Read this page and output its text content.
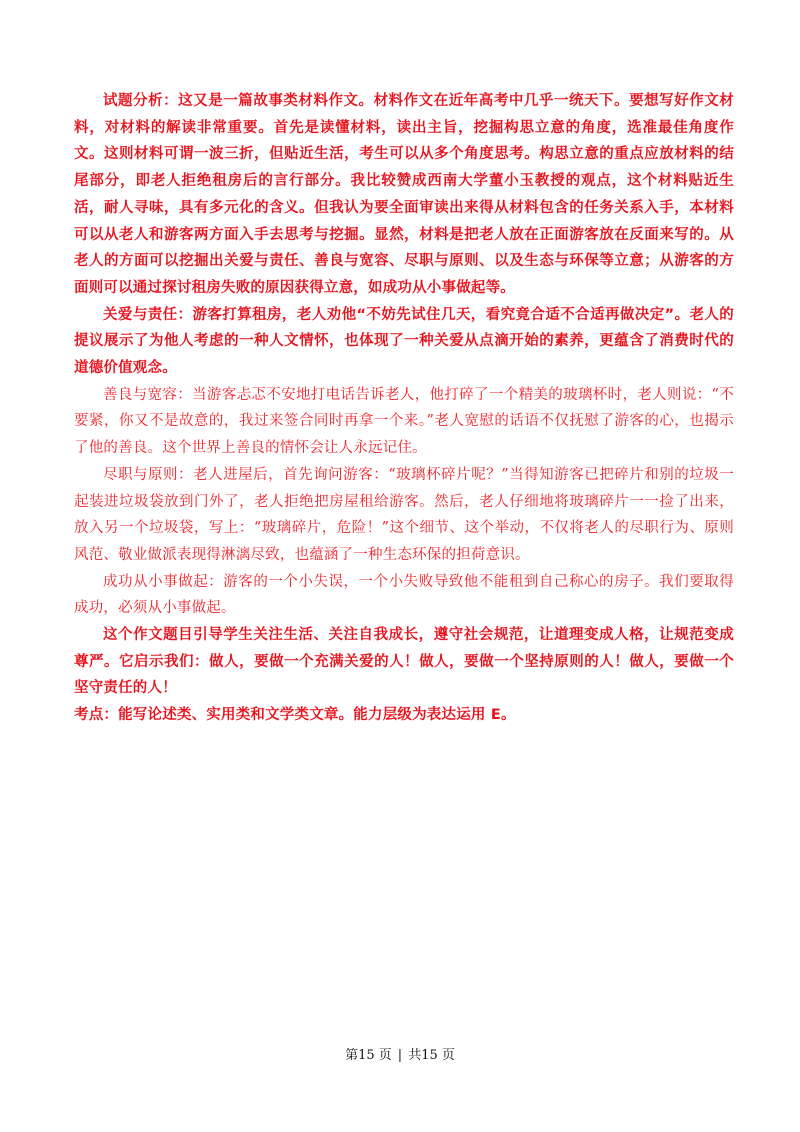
试题分析：这又是一篇故事类材料作文。材料作文在近年高考中几乎一统天下。要想写好作文材料，对材料的解读非常重要。首先是读懂材料，读出主旨，挖掘构思立意的角度，选准最佳角度作文。这则材料可谓一波三折，但贴近生活，考生可以从多个角度思考。构思立意的重点应放材料的结尾部分，即老人拒绝租房后的言行部分。我比较赞成西南大学董小玉教授的观点，这个材料贴近生活，耐人寻味，具有多元化的含义。但我认为要全面审读出来得从材料包含的任务关系入手，本材料可以从老人和游客两方面入手去思考与挖掘。显然，材料是把老人放在正面游客放在反面来写的。从老人的方面可以挖掘出关爱与责任、善良与宽容、尽职与原则、以及生态与环保等立意；从游客的方面则可以通过探讨租房失败的原因获得立意，如成功从小事做起等。

关爱与责任：游客打算租房，老人劝他“不妨先试住几天，看究竟合适不合适再做决定”。老人的提议展示了为他人考虑的一种人文情怀，也体现了一种关爱从点滴开始的素养，更蕴含了消费时代的道德价值观念。

善良与宽容：当游客忐忑不安地打电话告诉老人，他打碎了一个精美的玻璃杯时，老人则说：“不要紧，你又不是故意的，我过来签合同时再拿一个来。”老人宽慰的话语不仅抚慰了游客的心，也揭示了他的善良。这个世界上善良的情怀会让人永远记住。

尽职与原则：老人进屋后，首先询问游客：“玻璃杯碎片呢？”当得知游客已把碎片和别的垃圾一起装进垃圾袋放到门外了，老人拒绝把房屋租给游客。然后，老人仔细地将玻璃碎片一一捡了出来，放入另一个垃圾袋，写上：“玻璃碎片，危险！”这个细节、这个举动，不仅将老人的尽职行为、原则风范、敬业做派表现得淋漓尽致，也蕴涵了一种生态环保的担荷意识。

成功从小事做起：游客的一个小失误，一个小失败导致他不能租到自己称心的房子。我们要取得成功，必须从小事做起。

这个作文题目引导学生关注生活、关注自我成长，遵守社会规范，让道理变成人格，让规范变成尊严。它启示我们：做人，要做一个充满关爱的人！做人，要做一个坚持原则的人！做人，要做一个坚守责任的人！

考点：能写论述类、实用类和文学类文章。能力层级为表达运用 E。

第15 页 | 共15 页
